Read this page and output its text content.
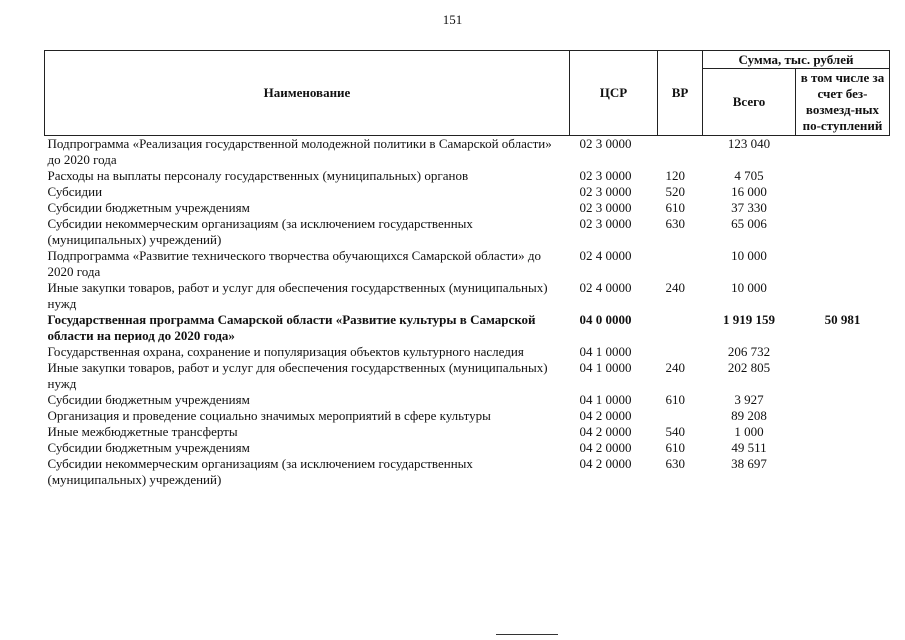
151
Наименование	ЦСР	ВР	Сумма, тыс. рублей	
			Всего	в том числе за счет без-возмезд-ных по-ступлений
Подпрограмма «Реализация государственной молодежной политики в Самарской области» до 2020 года	02 3 0000		123 040	
Расходы на выплаты персоналу государственных (муниципальных) органов	02 3 0000	120	4 705	
Субсидии	02 3 0000	520	16 000	
Субсидии бюджетным учреждениям	02 3 0000	610	37 330	
Субсидии некоммерческим организациям (за исключением государственных (муниципальных) учреждений)	02 3 0000	630	65 006	
Подпрограмма «Развитие технического творчества обучающихся Самарской области» до 2020 года	02 4 0000		10 000	
Иные закупки товаров, работ и услуг для обеспечения государственных (муниципальных) нужд	02 4 0000	240	10 000	
Государственная программа Самарской области «Развитие культуры в Самарской области на период до 2020 года»	04 0 0000		1 919 159	50 981
Государственная охрана, сохранение и популяризация объектов культурного наследия	04 1 0000		206 732	
Иные закупки товаров, работ и услуг для обеспечения государственных (муниципальных) нужд	04 1 0000	240	202 805	
Субсидии бюджетным учреждениям	04 1 0000	610	3 927	
Организация и проведение социально значимых мероприятий в сфере культуры	04 2 0000		89 208	
Иные межбюджетные трансферты	04 2 0000	540	1 000	
Субсидии бюджетным учреждениям	04 2 0000	610	49 511	
Субсидии некоммерческим организациям (за исключением государственных (муниципальных) учреждений)	04 2 0000	630	38 697	
